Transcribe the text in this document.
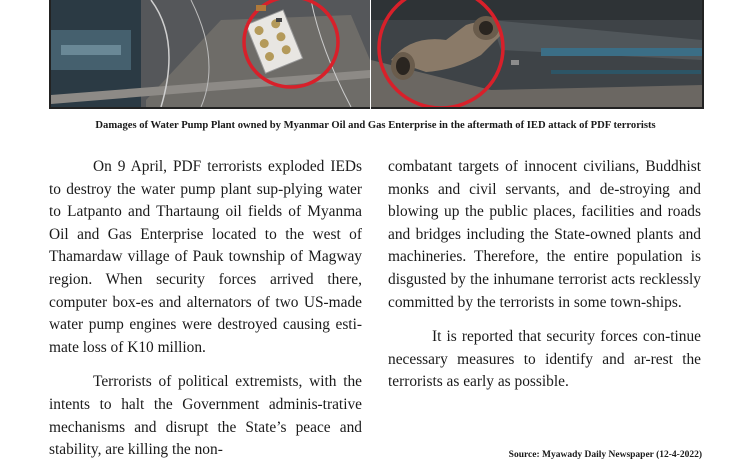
Damages of Water Pump Plant owned by Myanmar Oil and Gas Enterprise in the aftermath of IED attack of PDF terrorists

On 9 April, PDF terrorists exploded IEDs to destroy the water pump plant sup-plying water to Latpanto and Thartaung oil fields of Myanma Oil and Gas Enterprise located to the west of Thamardaw village of Pauk township of Magway region. When security forces arrived there, computer box-es and alternators of two US-made water pump engines were destroyed causing esti-mate loss of K10 million.

Terrorists of political extremists, with the intents to halt the Government adminis-trative mechanisms and disrupt the State’s peace and stability, are killing the non-

combatant targets of innocent civilians, Buddhist monks and civil servants, and de-stroying and blowing up the public places, facilities and roads and bridges including the State-owned plants and machineries. Therefore, the entire population is disgusted by the inhumane terrorist acts recklessly committed by the terrorists in some town-ships.

It is reported that security forces con-tinue necessary measures to identify and ar-rest the terrorists as early as possible.

Source: Myawady Daily Newspaper (12-4-2022)
